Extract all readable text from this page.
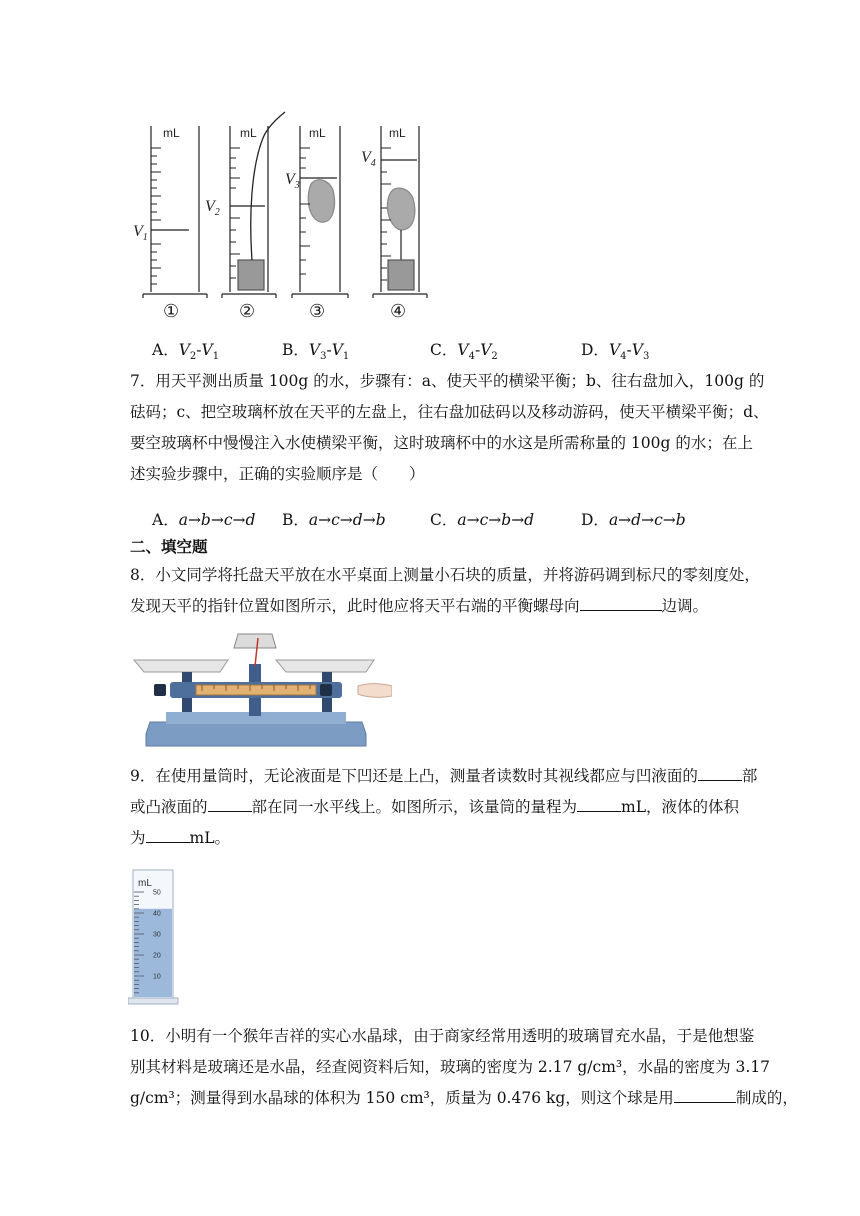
mL	mL	mL	mL
$V_1$
$V_2$
$V_3$
$V_4$
①	②	③	④
A．$V_2-V_1$	B．$V_3-V_1$	C．$V_4-V_2$	D．$V_4-V_3$
7．用天平测出质量 100g 的水，步骤有：a、使天平的横梁平衡；b、往右盘加入，100g 的
砝码；c、把空玻璃杯放在天平的左盘上，往右盘加砝码以及移动游码，使天平横梁平衡；d、
要空玻璃杯中慢慢注入水使横梁平衡，这时玻璃杯中的水这是所需称量的 100g 的水；在上
述实验步骤中，正确的实验顺序是（　　）
A．a→b→c→d B．a→c→d→b	C．a→c→b→d	D．a→d→c→b
二、填空题
8．小文同学将托盘天平放在水平桌面上测量小石块的质量，并将游码调到标尺的零刻度处，
发现天平的指针位置如图所示，此时他应将天平右端的平衡螺母向	边调。
9．在使用量筒时，无论液面是下凹还是上凸，测量者读数时其视线都应与凹液面的	部
或凸液面的	部在同一水平线上。如图所示，该量筒的量程为	mL，液体的体积
为	mL。
mL
50
40
30
20
10
10．小明有一个猴年吉祥的实心水晶球，由于商家经常用透明的玻璃冒充水晶，于是他想鉴
别其材料是玻璃还是水晶，经查阅资料后知，玻璃的密度为 2.17 g/cm³，水晶的密度为 3.17
g/cm³；测量得到水晶球的体积为 150 cm³，质量为 0.476 kg，则这个球是用	制成的，
